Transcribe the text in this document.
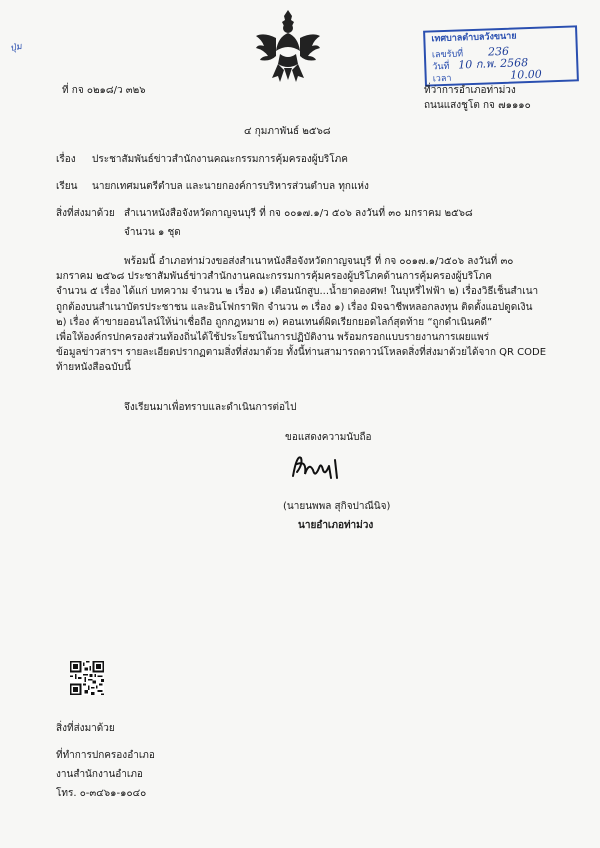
ปุ่ม
เทศบาลตำบลวังขนาย
เลขรับที่ 236
วันที่ 10 ก.พ. 2568
เวลา	10.00
ที่ กจ ๐๒๑๘/ว ๓๒๖	ที่ว่าการอำเภอท่าม่วง
ถนนแสงชูโต กจ ๗๑๑๑๐
๔ กุมภาพันธ์ ๒๕๖๘
เรื่อง ประชาสัมพันธ์ข่าวสำนักงานคณะกรรมการคุ้มครองผู้บริโภค
เรียน นายกเทศมนตรีตำบล และนายกองค์การบริหารส่วนตำบล ทุกแห่ง
สิ่งที่ส่งมาด้วย สำเนาหนังสือจังหวัดกาญจนบุรี ที่ กจ ๐๐๑๗.๑/ว ๕๐๖ ลงวันที่ ๓๐ มกราคม ๒๕๖๘
จำนวน ๑ ชุด
พร้อมนี้ อำเภอท่าม่วงขอส่งสำเนาหนังสือจังหวัดกาญจนบุรี ที่ กจ ๐๐๑๗.๑/ว๕๐๖ ลงวันที่ ๓๐
มกราคม ๒๕๖๘ ประชาสัมพันธ์ข่าวสำนักงานคณะกรรมการคุ้มครองผู้บริโภคด้านการคุ้มครองผู้บริโภค
จำนวน ๕ เรื่อง ได้แก่ บทความ จำนวน ๒ เรื่อง ๑) เตือนนักสูบ...น้ำยาดองศพ! ในบุหรี่ไฟฟ้า ๒) เรื่องวิธีเช็นสำเนา
ถูกต้องบนสำเนาบัตรประชาชน และอินโฟกราฟิก จำนวน ๓ เรื่อง ๑) เรื่อง มิจฉาชีพหลอกลงทุน ติดตั้งแอปดูดเงิน
๒) เรื่อง ค้าขายออนไลน์ให้น่าเชื่อถือ ถูกกฎหมาย ๓) คอนเทนต์ผิดเรียกยอดไลก์สุดท้าย “ถูกดำเนินคดี”
เพื่อให้องค์กรปกครองส่วนท้องถิ่นได้ใช้ประโยชน์ในการปฏิบัติงาน พร้อมกรอกแบบรายงานการเผยแพร่
ข้อมูลข่าวสารฯ รายละเอียดปรากฏตามสิ่งที่ส่งมาด้วย ทั้งนี้ท่านสามารถดาวน์โหลดสิ่งที่ส่งมาด้วยได้จาก QR CODE
ท้ายหนังสือฉบับนี้
จึงเรียนมาเพื่อทราบและดำเนินการต่อไป
ขอแสดงความนับถือ
(นายนพพล สุกิจปาณีนิจ)
นายอำเภอท่าม่วง
สิ่งที่ส่งมาด้วย
ที่ทำการปกครองอำเภอ
งานสำนักงานอำเภอ
โทร. ๐-๓๔๖๑-๑๐๔๐
